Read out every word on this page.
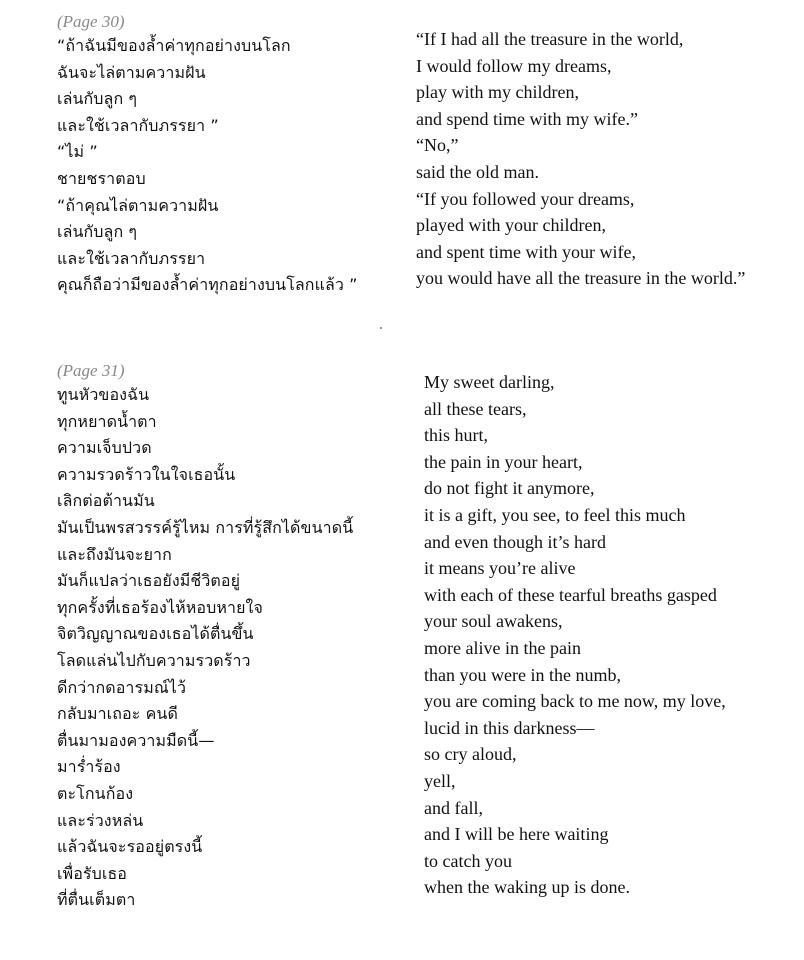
(Page 30)
“ถ้าฉันมีของล้ำค่าทุกอย่างบนโลก
ฉันจะไล่ตามความฝัน
เล่นกับลูก ๆ
และใช้เวลากับภรรยา ”
“ไม่ ”
ชายชราตอบ
“ถ้าคุณไล่ตามความฝัน
เล่นกับลูก ๆ
และใช้เวลากับภรรยา
คุณก็ถือว่ามีของล้ำค่าทุกอย่างบนโลกแล้ว ”
“If I had all the treasure in the world,
I would follow my dreams,
play with my children,
and spend time with my wife.”
“No,”
said the old man.
“If you followed your dreams,
played with your children,
and spent time with your wife,
you would have all the treasure in the world.”
(Page 31)
ทูนหัวของฉัน
ทุกหยาดน้ำตา
ความเจ็บปวด
ความรวดร้าวในใจเธอนั้น
เลิกต่อต้านมัน
มันเป็นพรสวรรค์รู้ไหม การที่รู้สึกได้ขนาดนี้
และถึงมันจะยาก
มันก็แปลว่าเธอยังมีชีวิตอยู่
ทุกครั้งที่เธอร้องไห้หอบหายใจ
จิตวิญญาณของเธอได้ตื่นขึ้น
โลดแล่นไปกับความรวดร้าว
ดีกว่ากดอารมณ์ไว้
กลับมาเถอะ คนดี
ตื่นมามองความมืดนี้—
มาร่ำร้อง
ตะโกนก้อง
และร่วงหล่น
แล้วฉันจะรออยู่ตรงนี้
เพื่อรับเธอ
ที่ตื่นเต็มตา
My sweet darling,
all these tears,
this hurt,
the pain in your heart,
do not fight it anymore,
it is a gift, you see, to feel this much
and even though it’s hard
it means you’re alive
with each of these tearful breaths gasped
your soul awakens,
more alive in the pain
than you were in the numb,
you are coming back to me now, my love,
lucid in this darkness—
so cry aloud,
yell,
and fall,
and I will be here waiting
to catch you
when the waking up is done.
